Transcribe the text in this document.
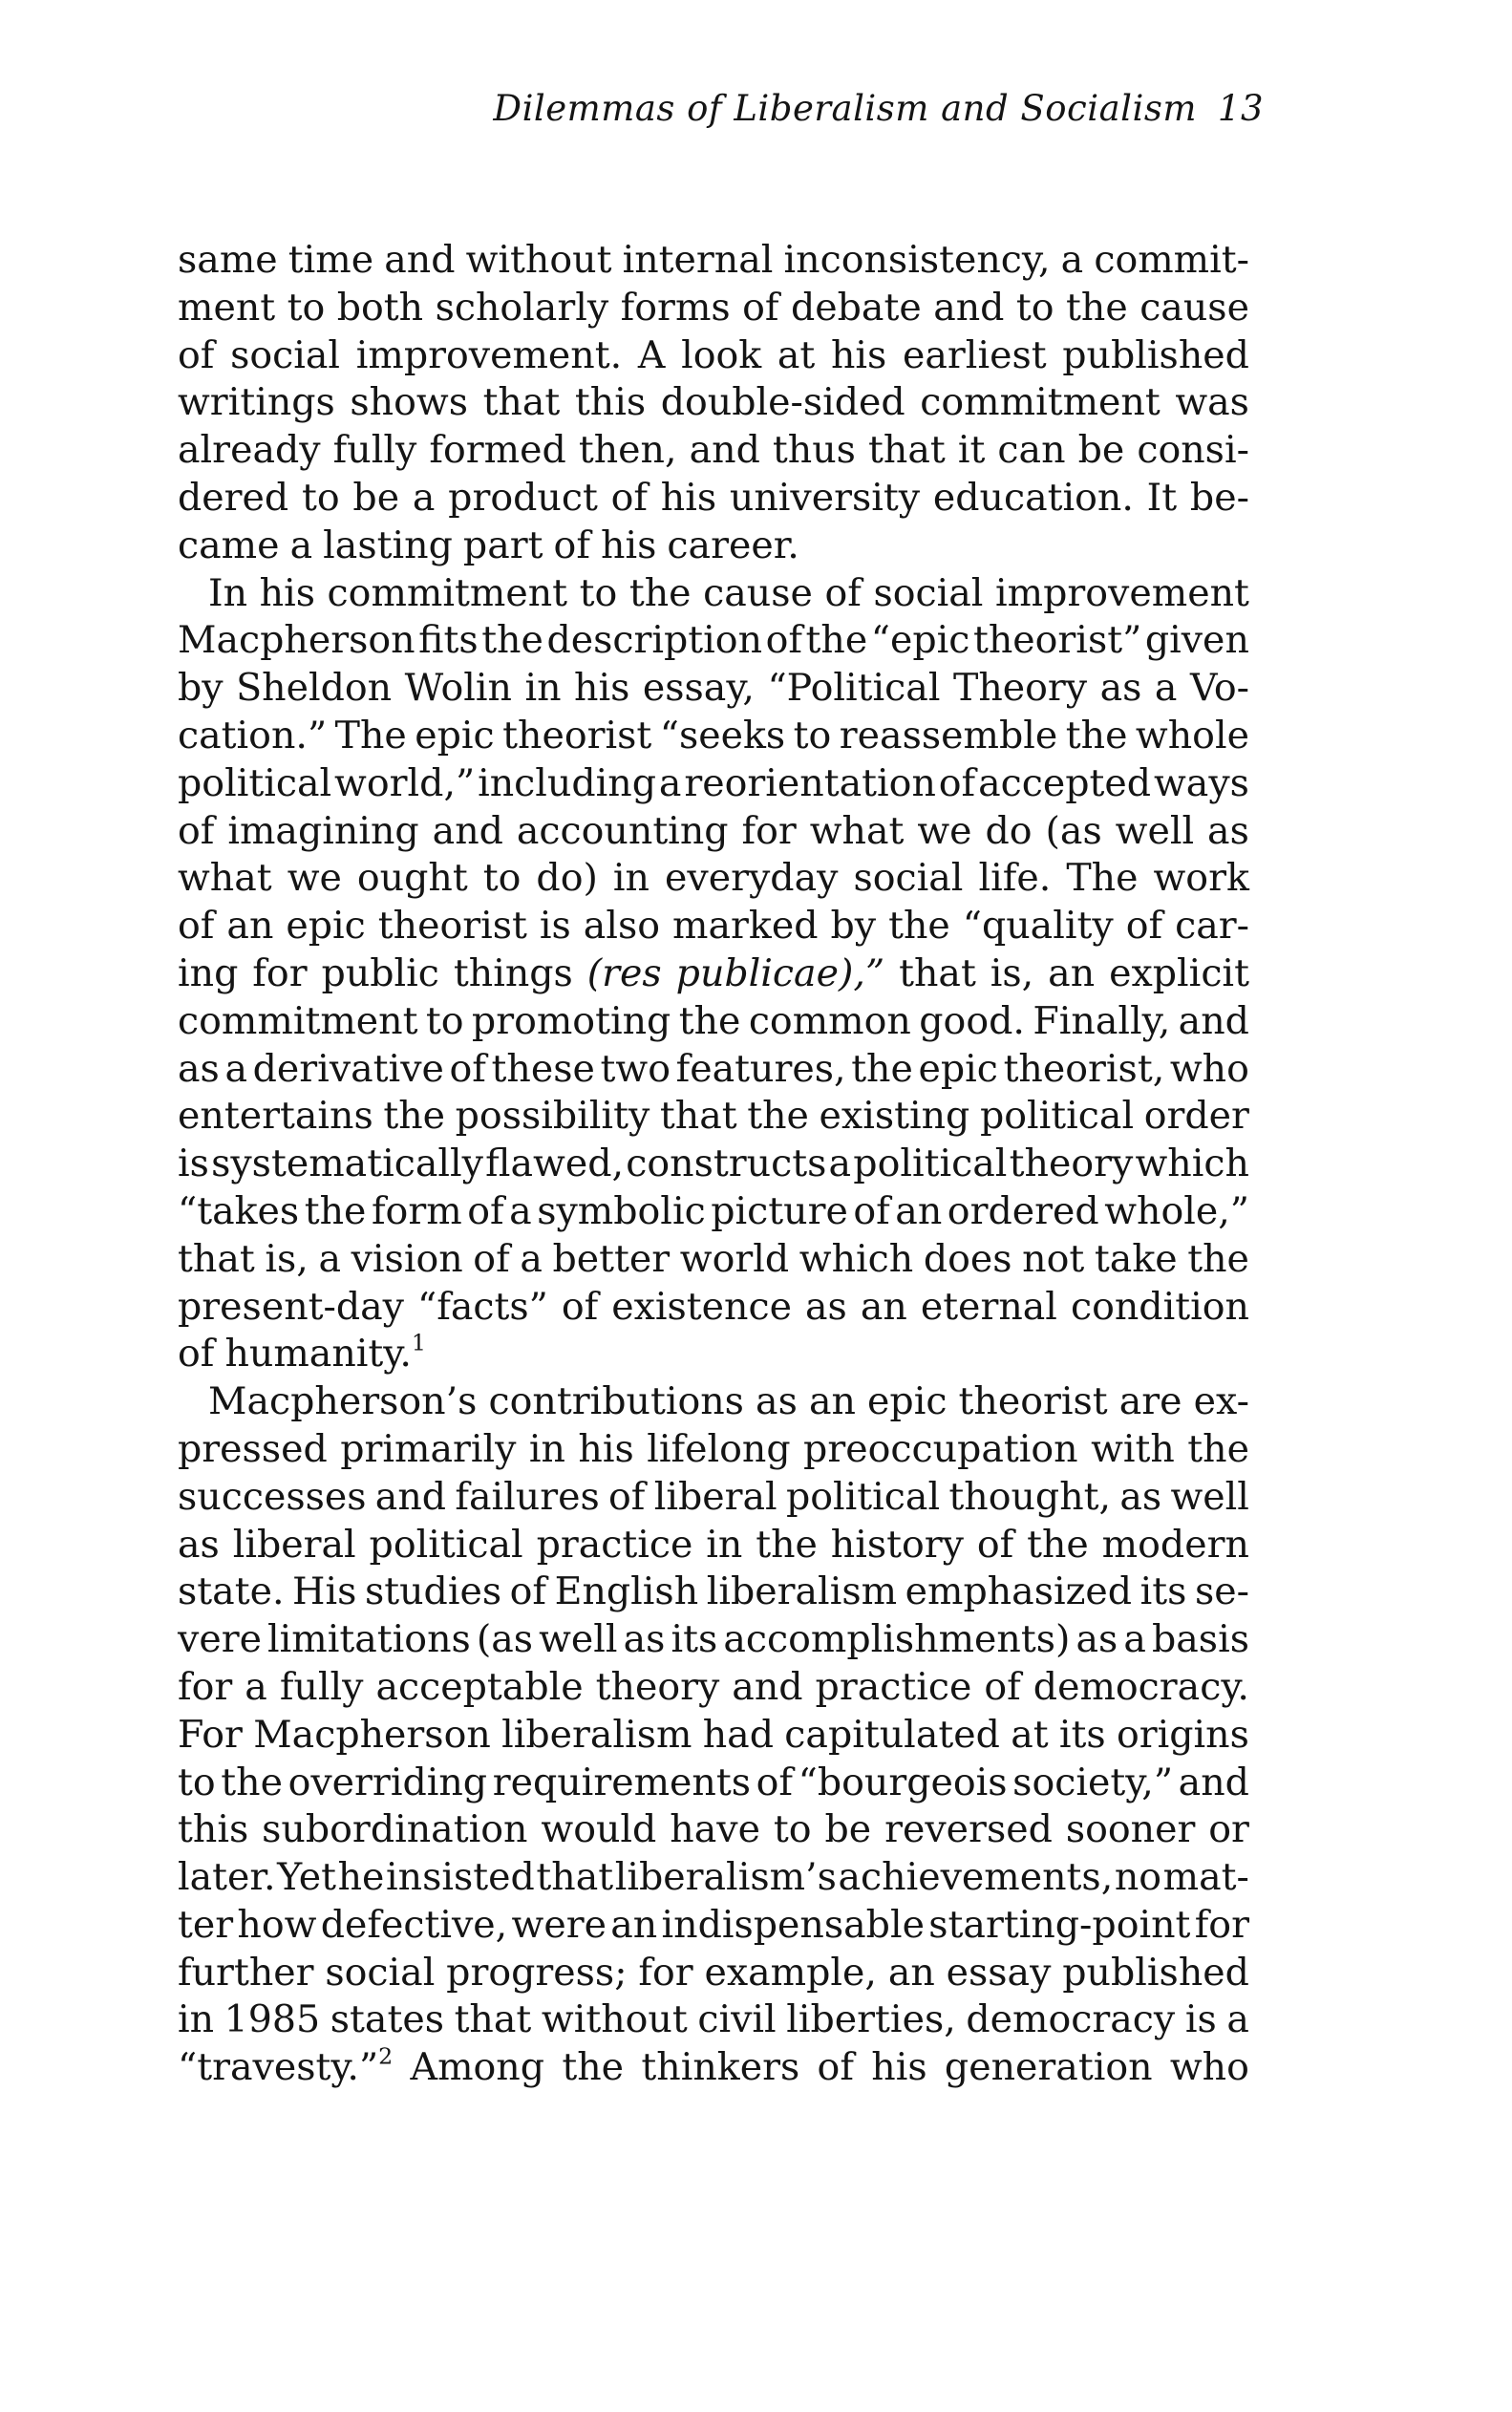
Dilemmas of Liberalism and Socialism 13
same time and without internal inconsistency, a commit-
ment to both scholarly forms of debate and to the cause
of social improvement. A look at his earliest published
writings shows that this double-sided commitment was
already fully formed then, and thus that it can be consi-
dered to be a product of his university education. It be-
came a lasting part of his career.
In his commitment to the cause of social improvement
Macpherson fits the description of the “epic theorist” given
by Sheldon Wolin in his essay, “Political Theory as a Vo-
cation.” The epic theorist “seeks to reassemble the whole
political world,” including a reorientation of accepted ways
of imagining and accounting for what we do (as well as
what we ought to do) in everyday social life. The work
of an epic theorist is also marked by the “quality of car-
ing for public things (res publicae),” that is, an explicit
commitment to promoting the common good. Finally, and
as a derivative of these two features, the epic theorist, who
entertains the possibility that the existing political order
is systematically flawed, constructs a political theory which
“takes the form of a symbolic picture of an ordered whole,”
that is, a vision of a better world which does not take the
present-day “facts” of existence as an eternal condition
of humanity.$^1$
Macpherson’s contributions as an epic theorist are ex-
pressed primarily in his lifelong preoccupation with the
successes and failures of liberal political thought, as well
as liberal political practice in the history of the modern
state. His studies of English liberalism emphasized its se-
vere limitations (as well as its accomplishments) as a basis
for a fully acceptable theory and practice of democracy.
For Macpherson liberalism had capitulated at its origins
to the overriding requirements of “bourgeois society,” and
this subordination would have to be reversed sooner or
later. Yet he insisted that liberalism’s achievements, no mat-
ter how defective, were an indispensable starting-point for
further social progress; for example, an essay published
in 1985 states that without civil liberties, democracy is a
“travesty.”$^2$ Among the thinkers of his generation who
